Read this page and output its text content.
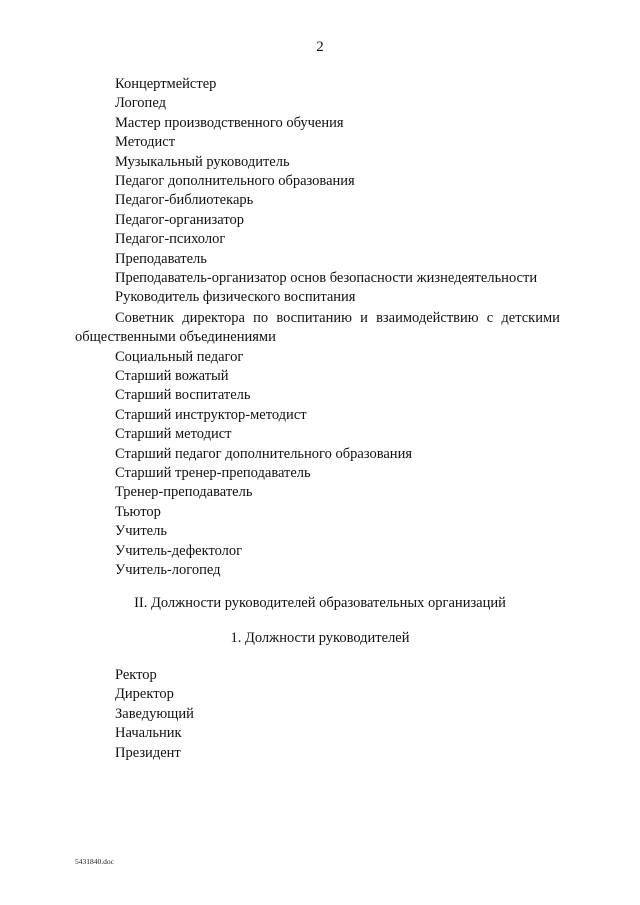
2
Концертмейстер
Логопед
Мастер производственного обучения
Методист
Музыкальный руководитель
Педагог дополнительного образования
Педагог-библиотекарь
Педагог-организатор
Педагог-психолог
Преподаватель
Преподаватель-организатор основ безопасности жизнедеятельности
Руководитель физического воспитания
Советник директора по воспитанию и взаимодействию с детскими
общественными объединениями
Социальный педагог
Старший вожатый
Старший воспитатель
Старший инструктор-методист
Старший методист
Старший педагог дополнительного образования
Старший тренер-преподаватель
Тренер-преподаватель
Тьютор
Учитель
Учитель-дефектолог
Учитель-логопед
II. Должности руководителей образовательных организаций
1. Должности руководителей
Ректор
Директор
Заведующий
Начальник
Президент
5431840.doc
